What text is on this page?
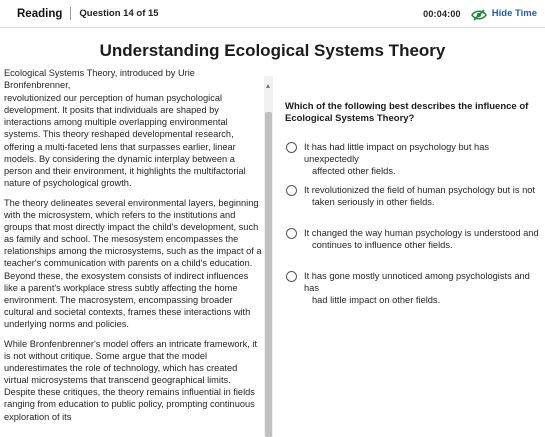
Reading Question 14 of 15	00:04:00	Hide Time
Understanding Ecological Systems Theory

Ecological Systems Theory, introduced by Urie Bronfenbrenner,

revolutionized our perception of human psychological development. It posits that individuals are shaped by interactions among multiple overlapping environmental systems. This theory reshaped developmental research, offering a multi-faceted lens that surpasses earlier, linear models. By considering the dynamic interplay between a person and their environment, it highlights the multifactorial nature of psychological growth.

The theory delineates several environmental layers, beginning with the microsystem, which refers to the institutions and groups that most directly impact the child's development, such as family and school. The mesosystem encompasses the relationships among the microsystems, such as the impact of a teacher's communication with parents on a child's education. Beyond these, the exosystem consists of indirect influences like a parent's workplace stress subtly affecting the home environment. The macrosystem, encompassing broader cultural and societal contexts, frames these interactions with underlying norms and policies.

While Bronfenbrenner's model offers an intricate framework, it is not without critique. Some argue that the model underestimates the role of technology, which has created virtual microsystems that transcend geographical limits. Despite these critiques, the theory remains influential in fields ranging from education to public policy, prompting continuous exploration of its

Which of the following best describes the influence of Ecological Systems Theory?
It has had little impact on psychology but has unexpectedly
affected other fields.
It revolutionized the field of human psychology but is not
taken seriously in other fields.
It changed the way human psychology is understood and
continues to influence other fields.
It has gone mostly unnoticed among psychologists and has
had little impact on other fields.
